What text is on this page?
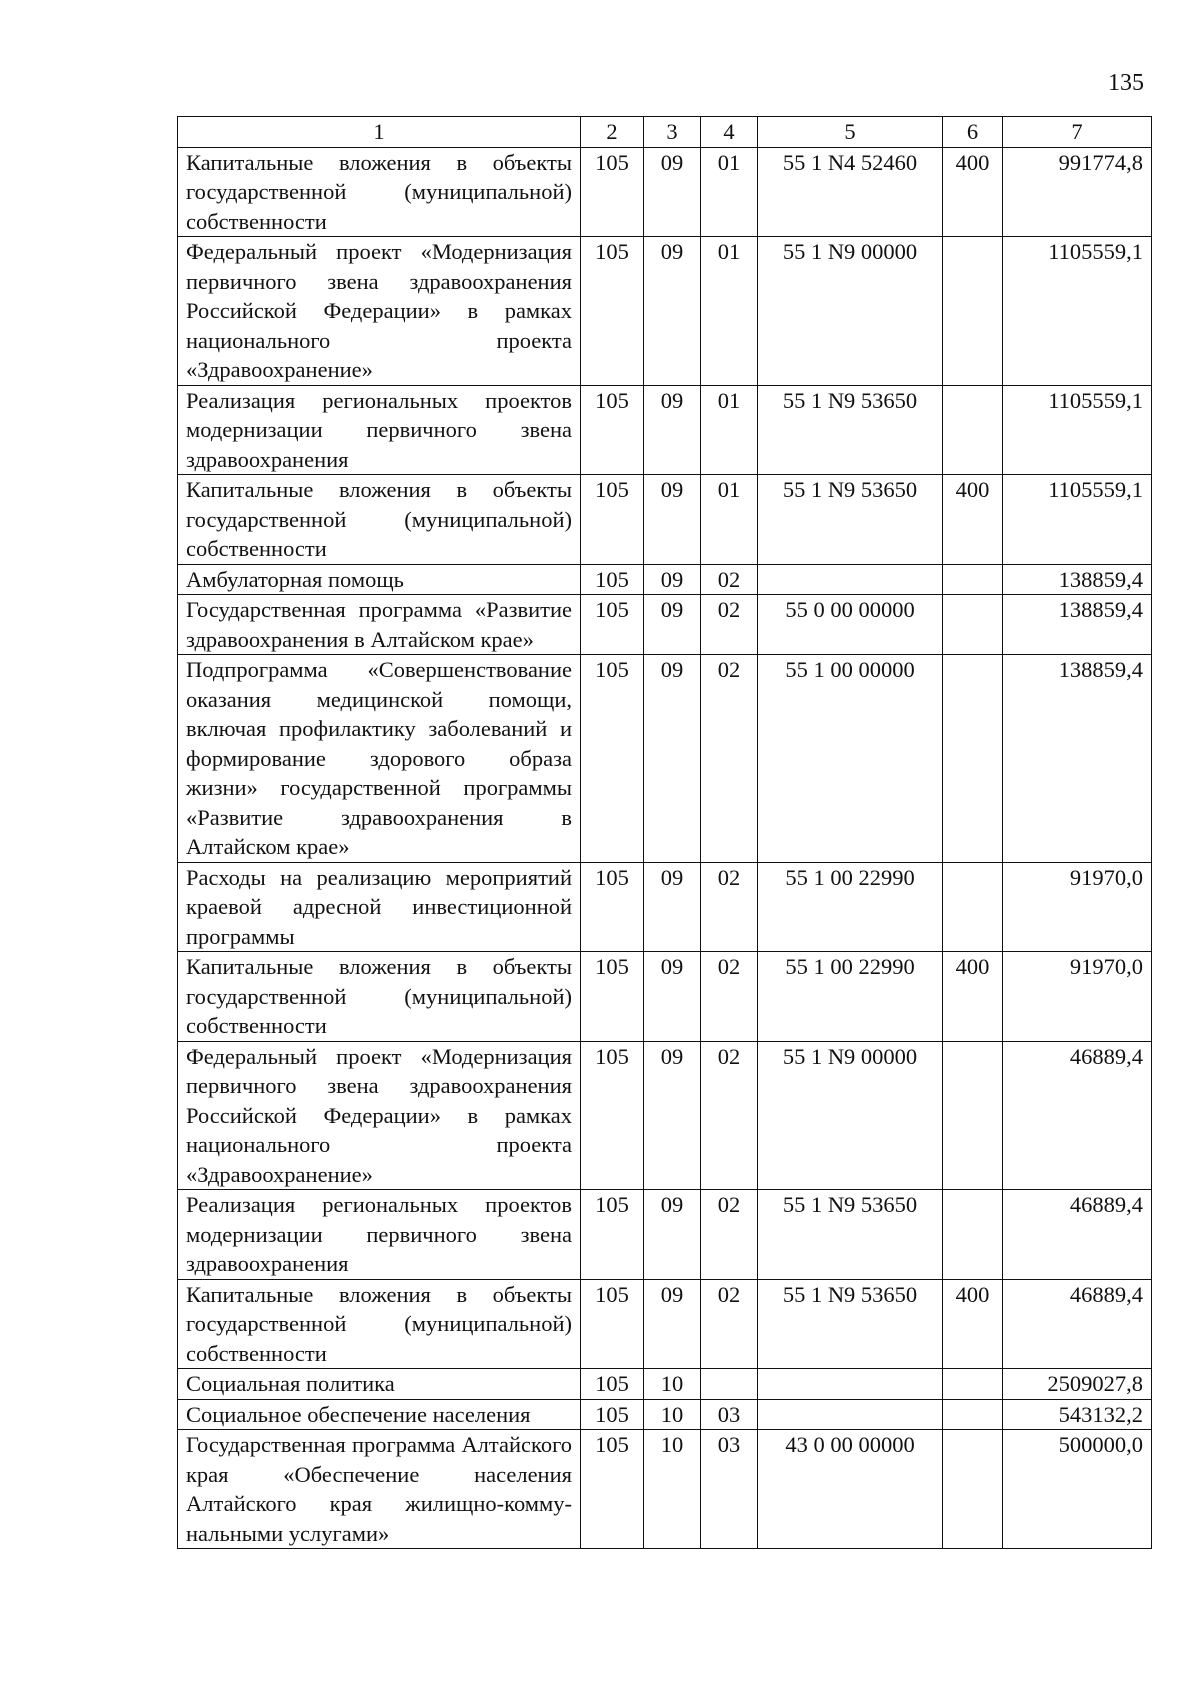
135
1	2	3	4	5	6	7
Капитальные вложения в объекты государственной (муниципальной) собственности	105	09	01	55 1 N4 52460	400	991774,8
Федеральный проект «Модернизация первичного звена здравоохранения Российской Федерации» в рамках национального проекта «Здравоохранение»	105	09	01	55 1 N9 00000		1105559,1
Реализация региональных проектов модернизации первичного звена здравоохранения	105	09	01	55 1 N9 53650		1105559,1
Капитальные вложения в объекты государственной (муниципальной) собственности	105	09	01	55 1 N9 53650	400	1105559,1
Амбулаторная помощь	105	09	02			138859,4
Государственная программа «Развитие здравоохранения в Алтайском крае»	105	09	02	55 0 00 00000		138859,4
Подпрограмма «Совершенствование оказания медицинской помощи, включая профилактику заболеваний и формирование здорового образа жизни» государственной программы «Развитие здравоохранения в Алтайском крае»	105	09	02	55 1 00 00000		138859,4
Расходы на реализацию мероприятий краевой адресной инвестиционной программы	105	09	02	55 1 00 22990		91970,0
Капитальные вложения в объекты государственной (муниципальной) собственности	105	09	02	55 1 00 22990	400	91970,0
Федеральный проект «Модернизация первичного звена здравоохранения Российской Федерации» в рамках национального проекта «Здравоохранение»	105	09	02	55 1 N9 00000		46889,4
Реализация региональных проектов модернизации первичного звена здравоохранения	105	09	02	55 1 N9 53650		46889,4
Капитальные вложения в объекты государственной (муниципальной) собственности	105	09	02	55 1 N9 53650	400	46889,4
Социальная политика	105	10				2509027,8
Социальное обеспечение населения	105	10	03			543132,2
Государственная программа Алтайского края «Обеспечение населения Алтайского края жилищно-коммунальными услугами»	105	10	03	43 0 00 00000		500000,0
